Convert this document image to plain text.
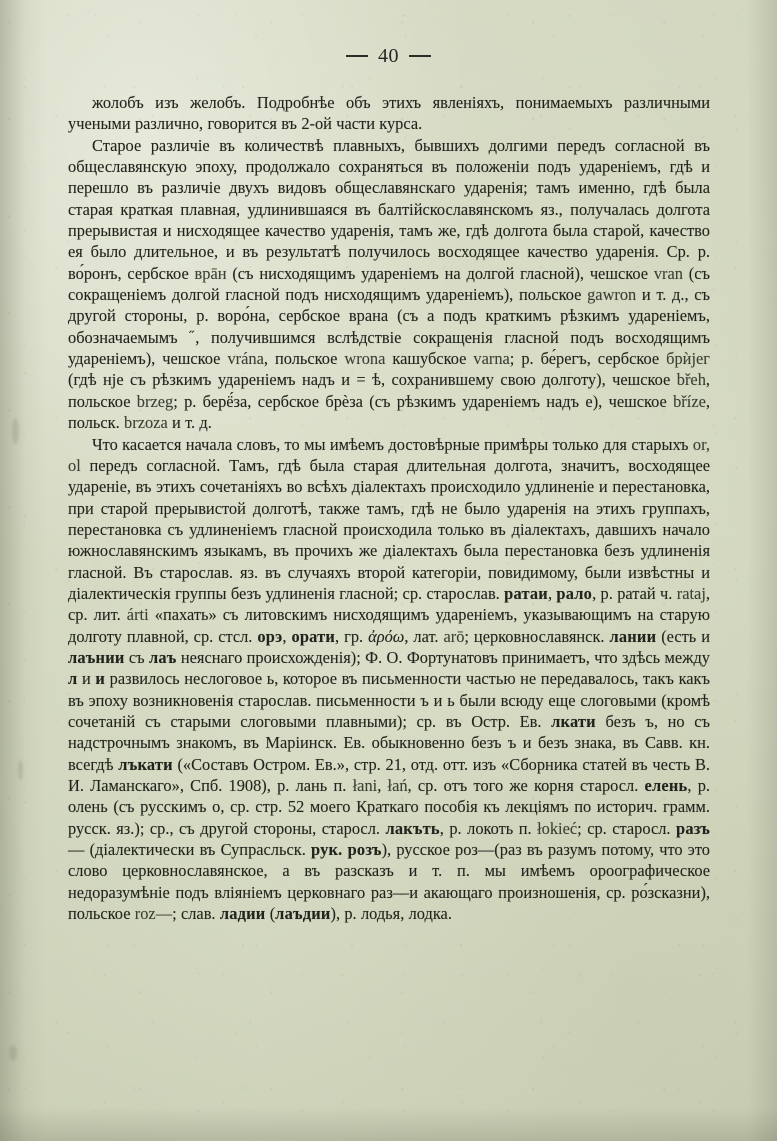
40

жолобъ изъ желобъ. Подробнѣе объ этихъ явленіяхъ, понимаемыхъ различными учеными различно, говорится въ 2-ой части курса.

Старое различіе въ количествѣ плавныхъ, бывшихъ долгими передъ согласной въ общеславянскую эпоху, продолжало сохраняться въ положеніи подъ удареніемъ, гдѣ и перешло въ различіе двухъ видовъ общеславянскаго ударенія; тамъ именно, гдѣ была старая краткая плавная, удлинившаяся въ балтійскославянскомъ яз., получалась долгота прерывистая и нисходящее качество ударенія, тамъ же, гдѣ долгота была старой, качество ея было длительное, и въ результатѣ получилось восходящее качество ударенія. Ср. р. во́ронъ, сербское врāн (съ нисходящимъ удареніемъ на долгой гласной), чешское vran (съ сокращеніемъ долгой гласной подъ нисходящимъ удареніемъ), польское gawron и т. д., съ другой стороны, р. воро́на, сербское врана (съ а подъ краткимъ рѣзкимъ удареніемъ, обозначаемымъ ˝, получившимся вслѣдствіе сокращенія гласной подъ восходящимъ удареніемъ), чешское vrána, польское wrona кашубское varna; р. бе́регъ, сербское брѝјег (гдѣ нје съ рѣзкимъ удареніемъ надъ и = ѣ, сохранившему свою долготу), чешское břeh, польское brzeg; р. берё́за, сербское брѐза (съ рѣзкимъ удареніемъ надъ е), чешское bříze, польск. brzoza и т. д.

Что касается начала словъ, то мы имѣемъ достовѣрные примѣры только для старыхъ or, ol передъ согласной. Тамъ, гдѣ была старая длительная долгота, значитъ, восходящее удареніе, въ этихъ сочетаніяхъ во всѣхъ діалектахъ происходило удлиненіе и перестановка, при старой прерывистой долготѣ, также тамъ, гдѣ не было ударенія на этихъ группахъ, перестановка съ удлиненіемъ гласной происходила только въ діалектахъ, давшихъ начало южнославянскимъ языкамъ, въ прочихъ же діалектахъ была перестановка безъ удлиненія гласной. Въ старослав. яз. въ случаяхъ второй категоріи, повидимому, были извѣстны и діалектическія группы безъ удлиненія гласной; ср. старослав. ратаи, рало, р. ратай ч. rataj, ср. лит. árti «пахать» съ литовскимъ нисходящимъ удареніемъ, указывающимъ на старую долготу плавной, ср. стсл. орэ, орати, гр. ἀρόω, лат. arō; церковнославянск. лании (есть и лаънии съ лаъ неяснаго происхожденія); Ф. О. Фортунатовъ принимаетъ, что здѣсь между л и и развилось неслоговое ь, которое въ письменности частью не передавалось, такъ какъ въ эпоху возникновенія старослав. письменности ъ и ь были всюду еще слоговыми (кромѣ сочетаній съ старыми слоговыми плавными); ср. въ Остр. Ев. лкати безъ ъ, но съ надстрочнымъ знакомъ, въ Маріинск. Ев. обыкновенно безъ ъ и безъ знака, въ Савв. кн. всегдѣ лъкати («Составъ Остром. Ев.», стр. 21, отд. отт. изъ «Сборника статей въ честь В. И. Ламанскаго», Спб. 1908), р. лань п. łani, łań, ср. отъ того же корня старосл. елень, р. олень (съ русскимъ о, ср. стр. 52 моего Краткаго пособія къ лекціямъ по историч. грамм. русск. яз.); ср., съ другой стороны, старосл. лакъть, р. локоть п. łokieć; ср. старосл. разъ — (діалектически въ Супрасльск. рук. розъ), русское роз—(раз въ разумъ потому, что это слово церковнославянское, а въ разсказъ и т. п. мы имѣемъ ороографическое недоразумѣніе подъ вліяніемъ церковнаго раз—и акающаго произношенія, ср. ро́зсказни), польское roz—; слав. ладии (лаъдии), р. лодья, лодка.
